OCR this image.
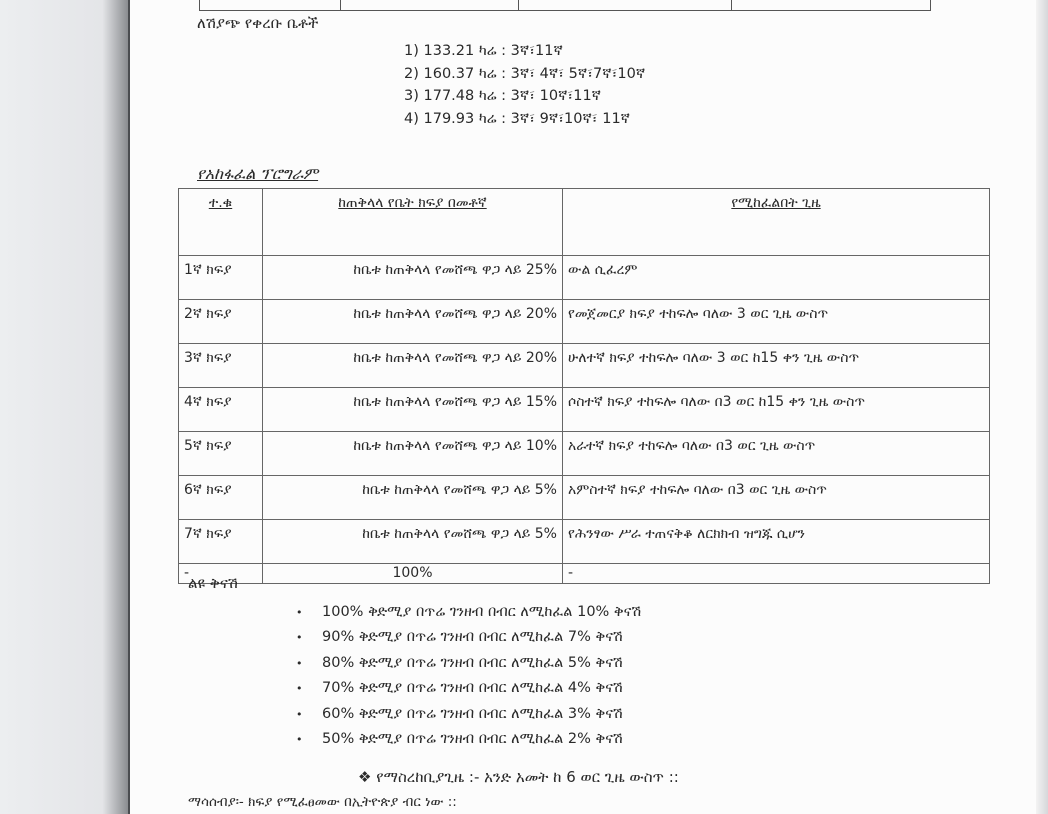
ለሽያጭ የቀረቡ ቤቶች
1) 133.21 ካሬ : 3ኛ፣11ኛ
2) 160.37 ካሬ : 3ኛ፣ 4ኛ፣ 5ኛ፣7ኛ፣10ኛ
3) 177.48 ካሬ : 3ኛ፣ 10ኛ፣11ኛ
4) 179.93 ካሬ : 3ኛ፣ 9ኛ፣10ኛ፣ 11ኛ
የአከፋፈል ፕሮግራም
ተ.ቁ	ከጠቅላላ የቤት ክፍያ በመቶኛ	የሚከፈልበት ጊዜ
1ኛ ክፍያ	ከቤቱ ከጠቅላላ የመሸጫ ዋጋ ላይ 25%	ውል ሲፈረም
2ኛ ክፍያ	ከቤቱ ከጠቅላላ የመሸጫ ዋጋ ላይ 20%	የመጀመርያ ክፍያ ተከፍሎ ባለው 3 ወር ጊዜ ውስጥ
3ኛ ክፍያ	ከቤቱ ከጠቅላላ የመሸጫ ዋጋ ላይ 20%	ሁለተኛ ክፍያ ተከፍሎ ባለው 3 ወር ከ15 ቀን ጊዜ ውስጥ
4ኛ ክፍያ	ከቤቱ ከጠቅላላ የመሸጫ ዋጋ ላይ 15%	ሶስተኛ ክፍያ ተከፍሎ ባለው በ3 ወር ከ15 ቀን ጊዜ ውስጥ
5ኛ ክፍያ	ከቤቱ ከጠቅላላ የመሸጫ ዋጋ ላይ 10%	አራተኛ ክፍያ ተከፍሎ ባለው በ3 ወር ጊዜ ውስጥ
6ኛ ክፍያ	ከቤቱ ከጠቅላላ የመሸጫ ዋጋ ላይ 5%	አምስተኛ ክፍያ ተከፍሎ ባለው በ3 ወር ጊዜ ውስጥ
7ኛ ክፍያ	ከቤቱ ከጠቅላላ የመሸጫ ዋጋ ላይ 5%	የሕንፃው ሥራ ተጠናቅቆ ለርክክብ ዝግጁ ሲሆን
-	100%	-
ልዩ ቅናሽ
• 100% ቅድሚያ በጥሬ ገንዘብ በብር ለሚከፈል 10% ቅናሽ
• 90% ቅድሚያ በጥሬ ገንዘብ በብር ለሚከፈል 7% ቅናሽ
• 80% ቅድሚያ በጥሬ ገንዘብ በብር ለሚከፈል 5% ቅናሽ
• 70% ቅድሚያ በጥሬ ገንዘብ በብር ለሚከፈል 4% ቅናሽ
• 60% ቅድሚያ በጥሬ ገንዘብ በብር ለሚከፈል 3% ቅናሽ
• 50% ቅድሚያ በጥሬ ገንዘብ በብር ለሚከፈል 2% ቅናሽ
❖ የማስረከቢያጊዜ :- አንድ አመት ከ 6 ወር ጊዜ ውስጥ ::
ማሳሰብያ፡- ክፍያ የሚፈፀመው በኢትዮጵያ ብር ነው ::
